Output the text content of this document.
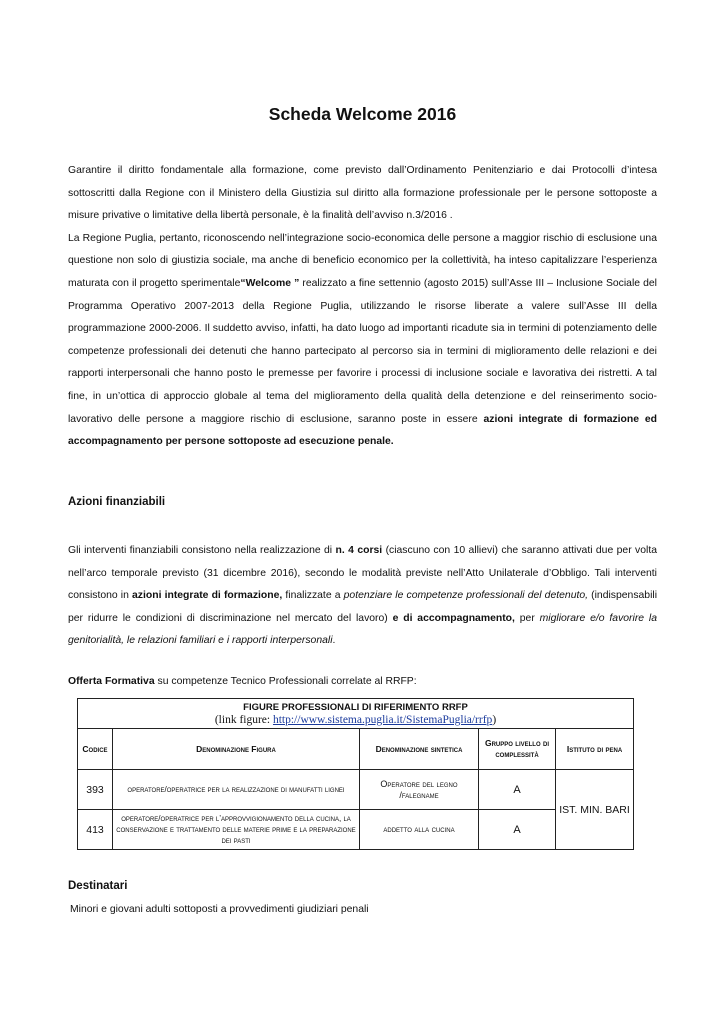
Scheda Welcome 2016

Garantire il diritto fondamentale alla formazione, come previsto dall’Ordinamento Penitenziario e dai Protocolli d’intesa sottoscritti dalla Regione con il Ministero della Giustizia sul diritto alla formazione professionale per le persone sottoposte a misure privative o limitative della libertà personale, è la finalità dell’avviso n.3/2016 .

La Regione Puglia, pertanto, riconoscendo nell’integrazione socio-economica delle persone a maggior rischio di esclusione una questione non solo di giustizia sociale, ma anche di beneficio economico per la collettività, ha inteso capitalizzare l’esperienza maturata con il progetto sperimentale“Welcome ” realizzato a fine settennio (agosto 2015) sull’Asse III – Inclusione Sociale del Programma Operativo 2007-2013 della Regione Puglia, utilizzando le risorse liberate a valere sull’Asse III della programmazione 2000-2006. Il suddetto avviso, infatti, ha dato luogo ad importanti ricadute sia in termini di potenziamento delle competenze professionali dei detenuti che hanno partecipato al percorso sia in termini di miglioramento delle relazioni e dei rapporti interpersonali che hanno posto le premesse per favorire i processi di inclusione sociale e lavorativa dei ristretti. A tal fine, in un’ottica di approccio globale al tema del miglioramento della qualità della detenzione e del reinserimento socio-lavorativo delle persone a maggiore rischio di esclusione, saranno poste in essere azioni integrate di formazione ed accompagnamento per persone sottoposte ad esecuzione penale.

Azioni finanziabili

Gli interventi finanziabili consistono nella realizzazione di n. 4 corsi (ciascuno con 10 allievi) che saranno attivati due per volta nell’arco temporale previsto (31 dicembre 2016), secondo le modalità previste nell’Atto Unilaterale d’Obbligo. Tali interventi consistono in azioni integrate di formazione, finalizzate a potenziare le competenze professionali del detenuto, (indispensabili per ridurre le condizioni di discriminazione nel mercato del lavoro) e di accompagnamento, per migliorare e/o favorire la genitorialità, le relazioni familiari e i rapporti interpersonali.

Offerta Formativa su competenze Tecnico Professionali correlate al RRFP:

FIGURE PROFESSIONALI DI RIFERIMENTO RRFP
(link figure: http://www.sistema.puglia.it/SistemaPuglia/rrfp)				

Codice	Denominazione Figura	Denominazione sintetica	Gruppo livello di complessità	Istituto di pena
393	operatore/operatrice per la realizzazione di manufatti lignei	Operatore del legno /falegname	A	IST. MIN. BARI
413	operatore/operatrice per l’approvvigionamento della cucina, la conservazione e trattamento delle materie prime e la preparazione dei pasti	addetto alla cucina	A	
Destinatari

Minori e giovani adulti sottoposti a provvedimenti giudiziari penali
